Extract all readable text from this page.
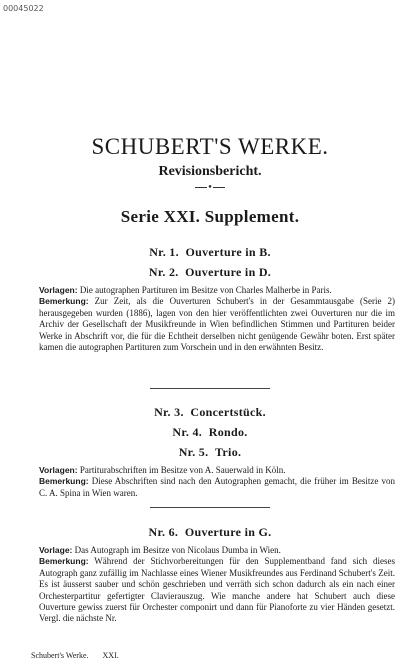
00045022
SCHUBERT'S WERKE.
Revisionsbericht.
•
Serie XXI. Supplement.
Nr. 1. Ouverture in B.
Nr. 2. Ouverture in D.
Vorlagen: Die autographen Partituren im Besitze von Charles Malherbe in Paris.
Bemerkung: Zur Zeit, als die Ouverturen Schubert's in der Gesammtausgabe (Serie 2) herausgegeben wurden (1886), lagen von den hier veröffentlichten zwei Ouverturen nur die im Archiv der Gesellschaft der Musikfreunde in Wien befindlichen Stimmen und Partituren beider Werke in Abschrift vor, die für die Echtheit derselben nicht genügende Gewähr boten. Erst später kamen die autographen Partituren zum Vorschein und in den erwähnten Besitz.
Nr. 3. Concertstück.
Nr. 4. Rondo.
Nr. 5. Trio.
Vorlagen: Partiturabschriften im Besitze von A. Sauerwald in Köln.
Bemerkung: Diese Abschriften sind nach den Autographen gemacht, die früher im Besitze von C. A. Spina in Wien waren.
Nr. 6. Ouverture in G.
Vorlage: Das Autograph im Besitze von Nicolaus Dumba in Wien.
Bemerkung: Während der Stichvorbereitungen für den Supplementband fand sich dieses Autograph ganz zufällig im Nachlasse eines Wiener Musikfreundes aus Ferdinand Schubert's Zeit. Es ist äusserst sauber und schön geschrieben und verräth sich schon dadurch als ein nach einer Orchesterpartitur gefertigter Clavierauszug. Wie manche andere hat Schubert auch diese Ouverture gewiss zuerst für Orchester componirt und dann für Pianoforte zu vier Händen gesetzt. Vergl. die nächste Nr.
Schubert's Werke. XXI.
